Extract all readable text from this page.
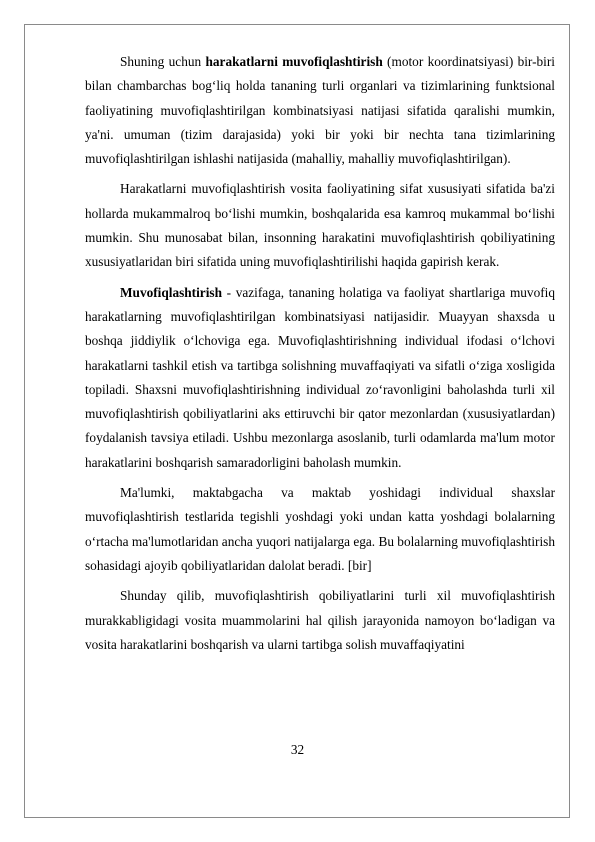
Shuning uchun harakatlarni muvofiqlashtirish (motor koordinatsiyasi) bir-biri bilan chambarchas bog‘liq holda tananing turli organlari va tizimlarining funktsional faoliyatining muvofiqlashtirilgan kombinatsiyasi natijasi sifatida qaralishi mumkin, ya'ni. umuman (tizim darajasida) yoki bir yoki bir nechta tana tizimlarining muvofiqlashtirilgan ishlashi natijasida (mahalliy, mahalliy muvofiqlashtirilgan).

Harakatlarni muvofiqlashtirish vosita faoliyatining sifat xususiyati sifatida ba'zi hollarda mukammalroq bo‘lishi mumkin, boshqalarida esa kamroq mukammal bo‘lishi mumkin. Shu munosabat bilan, insonning harakatini muvofiqlashtirish qobiliyatining xususiyatlaridan biri sifatida uning muvofiqlashtirilishi haqida gapirish kerak.

Muvofiqlashtirish - vazifaga, tananing holatiga va faoliyat shartlariga muvofiq harakatlarning muvofiqlashtirilgan kombinatsiyasi natijasidir. Muayyan shaxsda u boshqa jiddiylik o‘lchoviga ega. Muvofiqlashtirishning individual ifodasi o‘lchovi harakatlarni tashkil etish va tartibga solishning muvaffaqiyati va sifatli o‘ziga xosligida topiladi. Shaxsni muvofiqlashtirishning individual zo‘ravonligini baholashda turli xil muvofiqlashtirish qobiliyatlarini aks ettiruvchi bir qator mezonlardan (xususiyatlardan) foydalanish tavsiya etiladi. Ushbu mezonlarga asoslanib, turli odamlarda ma'lum motor harakatlarini boshqarish samaradorligini baholash mumkin.

Ma'lumki, maktabgacha va maktab yoshidagi individual shaxslar muvofiqlashtirish testlarida tegishli yoshdagi yoki undan katta yoshdagi bolalarning o‘rtacha ma'lumotlaridan ancha yuqori natijalarga ega. Bu bolalarning muvofiqlashtirish sohasidagi ajoyib qobiliyatlaridan dalolat beradi. [bir]

Shunday qilib, muvofiqlashtirish qobiliyatlarini turli xil muvofiqlashtirish murakkabligidagi vosita muammolarini hal qilish jarayonida namoyon bo‘ladigan va vosita harakatlarini boshqarish va ularni tartibga solish muvaffaqiyatini

32
